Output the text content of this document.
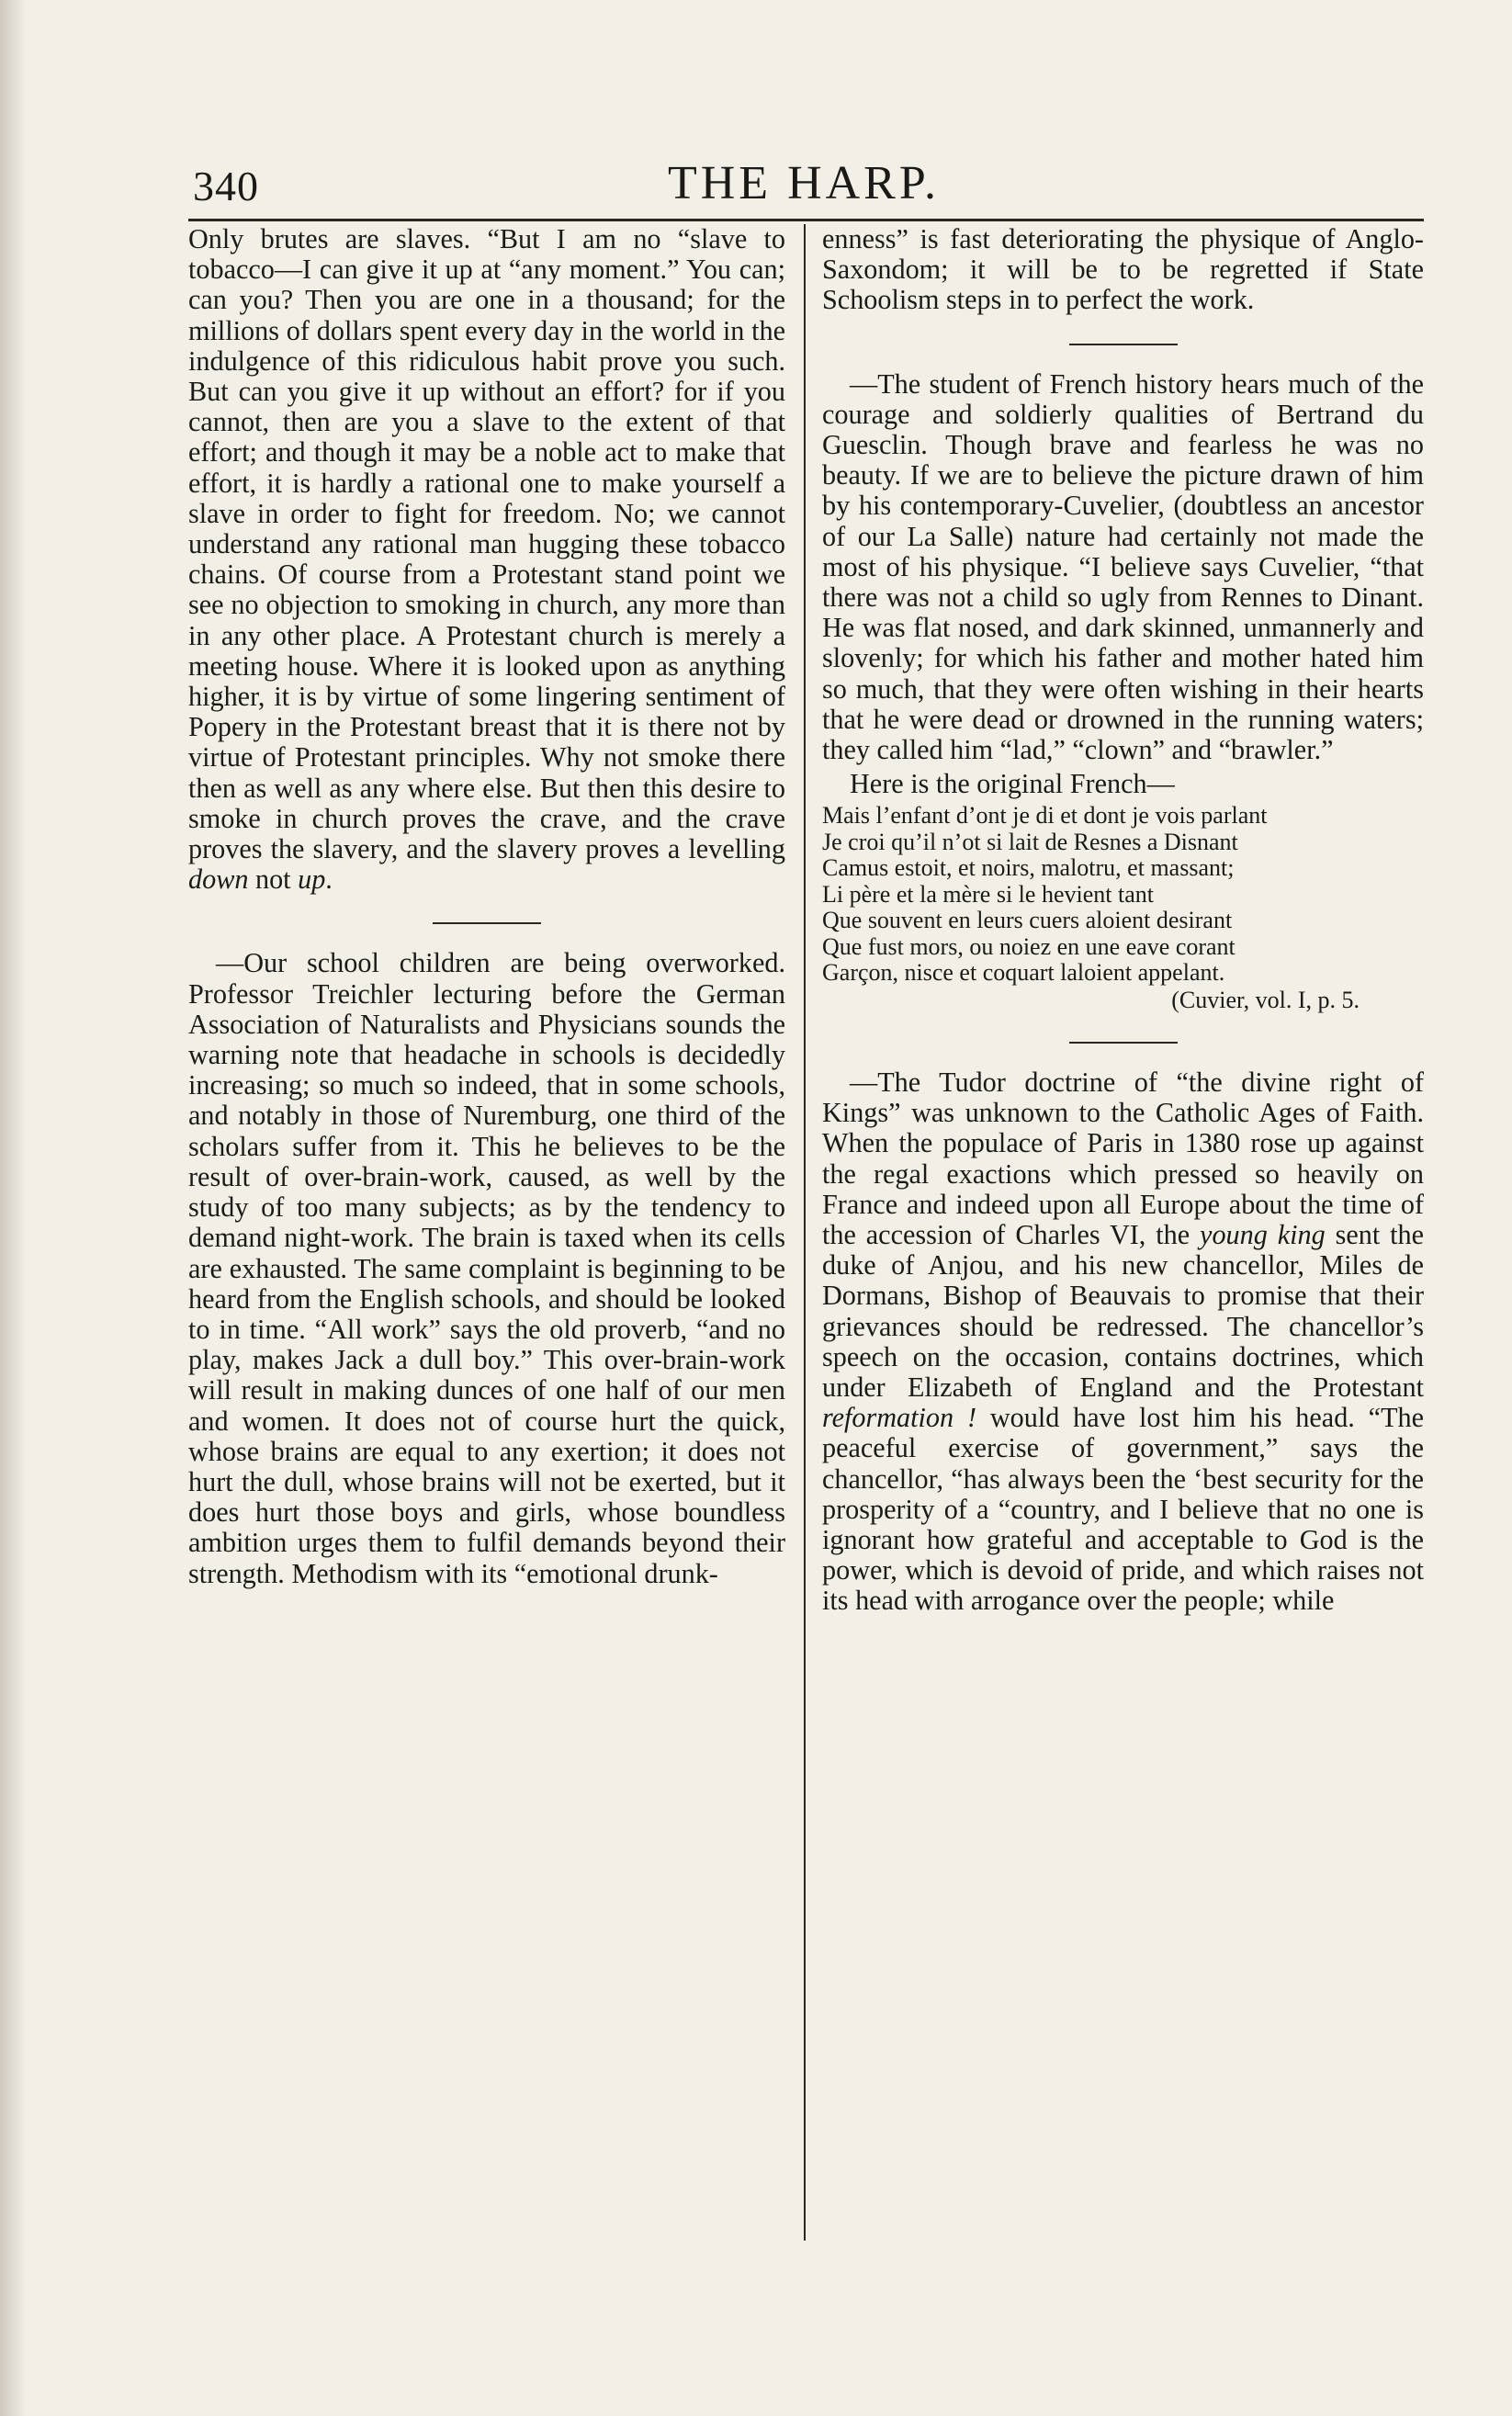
340	THE HARP.

Only brutes are slaves. “But I am no “slave to tobacco—I can give it up at “any moment.” You can; can you? Then you are one in a thousand; for the millions of dollars spent every day in the world in the indulgence of this ridiculous habit prove you such. But can you give it up without an effort? for if you cannot, then are you a slave to the extent of that effort; and though it may be a noble act to make that effort, it is hardly a rational one to make yourself a slave in order to fight for freedom. No; we cannot understand any rational man hugging these tobacco chains. Of course from a Protestant stand point we see no objection to smoking in church, any more than in any other place. A Protestant church is merely a meeting house. Where it is looked upon as anything higher, it is by virtue of some lingering sentiment of Popery in the Protestant breast that it is there not by virtue of Protestant principles. Why not smoke there then as well as any where else. But then this desire to smoke in church proves the crave, and the crave proves the slavery, and the slavery proves a levelling down not up.

—Our school children are being overworked. Professor Treichler lecturing before the German Association of Naturalists and Physicians sounds the warning note that headache in schools is decidedly increasing; so much so indeed, that in some schools, and notably in those of Nuremburg, one third of the scholars suffer from it. This he believes to be the result of over-brain-work, caused, as well by the study of too many subjects; as by the tendency to demand night-work. The brain is taxed when its cells are exhausted. The same complaint is beginning to be heard from the English schools, and should be looked to in time. “All work” says the old proverb, “and no play, makes Jack a dull boy.” This over-brain-work will result in making dunces of one half of our men and women. It does not of course hurt the quick, whose brains are equal to any exertion; it does not hurt the dull, whose brains will not be exerted, but it does hurt those boys and girls, whose boundless ambition urges them to fulfil demands beyond their strength. Methodism with its “emotional drunk-

enness” is fast deteriorating the physique of Anglo-Saxondom; it will be to be regretted if State Schoolism steps in to perfect the work.

—The student of French history hears much of the courage and soldierly qualities of Bertrand du Guesclin. Though brave and fearless he was no beauty. If we are to believe the picture drawn of him by his contemporary-Cuvelier, (doubtless an ancestor of our La Salle) nature had certainly not made the most of his physique. “I believe says Cuvelier, “that there was not a child so ugly from Rennes to Dinant. He was flat nosed, and dark skinned, unmannerly and slovenly; for which his father and mother hated him so much, that they were often wishing in their hearts that he were dead or drowned in the running waters; they called him “lad,” “clown” and “brawler.”

Here is the original French—

Mais l’enfant d’ont je di et dont je vois parlant
Je croi qu’il n’ot si lait de Resnes a Disnant
Camus estoit, et noirs, malotru, et massant;
Li père et la mère si le hevient tant
Que souvent en leurs cuers aloient desirant
Que fust mors, ou noiez en une eave corant
Garçon, nisce et coquart laloient appelant.
(Cuvier, vol. I, p. 5.

—The Tudor doctrine of “the divine right of Kings” was unknown to the Catholic Ages of Faith. When the populace of Paris in 1380 rose up against the regal exactions which pressed so heavily on France and indeed upon all Europe about the time of the accession of Charles VI, the young king sent the duke of Anjou, and his new chancellor, Miles de Dormans, Bishop of Beauvais to promise that their grievances should be redressed. The chancellor’s speech on the occasion, contains doctrines, which under Elizabeth of England and the Protestant reformation ! would have lost him his head. “The peaceful exercise of government,” says the chancellor, “has always been the ‘best security for the prosperity of a “country, and I believe that no one is ignorant how grateful and acceptable to God is the power, which is devoid of pride, and which raises not its head with arrogance over the people; while
